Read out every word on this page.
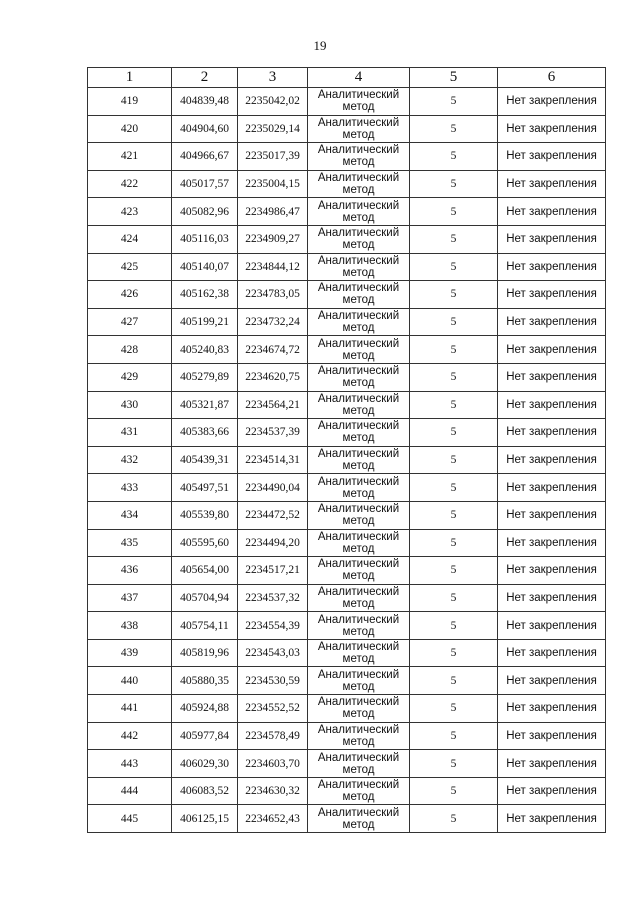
19
1	2	3	4	5	6
419	404839,48	2235042,02	Аналитический метод	5	Нет закрепления
420	404904,60	2235029,14	Аналитический метод	5	Нет закрепления
421	404966,67	2235017,39	Аналитический метод	5	Нет закрепления
422	405017,57	2235004,15	Аналитический метод	5	Нет закрепления
423	405082,96	2234986,47	Аналитический метод	5	Нет закрепления
424	405116,03	2234909,27	Аналитический метод	5	Нет закрепления
425	405140,07	2234844,12	Аналитический метод	5	Нет закрепления
426	405162,38	2234783,05	Аналитический метод	5	Нет закрепления
427	405199,21	2234732,24	Аналитический метод	5	Нет закрепления
428	405240,83	2234674,72	Аналитический метод	5	Нет закрепления
429	405279,89	2234620,75	Аналитический метод	5	Нет закрепления
430	405321,87	2234564,21	Аналитический метод	5	Нет закрепления
431	405383,66	2234537,39	Аналитический метод	5	Нет закрепления
432	405439,31	2234514,31	Аналитический метод	5	Нет закрепления
433	405497,51	2234490,04	Аналитический метод	5	Нет закрепления
434	405539,80	2234472,52	Аналитический метод	5	Нет закрепления
435	405595,60	2234494,20	Аналитический метод	5	Нет закрепления
436	405654,00	2234517,21	Аналитический метод	5	Нет закрепления
437	405704,94	2234537,32	Аналитический метод	5	Нет закрепления
438	405754,11	2234554,39	Аналитический метод	5	Нет закрепления
439	405819,96	2234543,03	Аналитический метод	5	Нет закрепления
440	405880,35	2234530,59	Аналитический метод	5	Нет закрепления
441	405924,88	2234552,52	Аналитический метод	5	Нет закрепления
442	405977,84	2234578,49	Аналитический метод	5	Нет закрепления
443	406029,30	2234603,70	Аналитический метод	5	Нет закрепления
444	406083,52	2234630,32	Аналитический метод	5	Нет закрепления
445	406125,15	2234652,43	Аналитический метод	5	Нет закрепления
